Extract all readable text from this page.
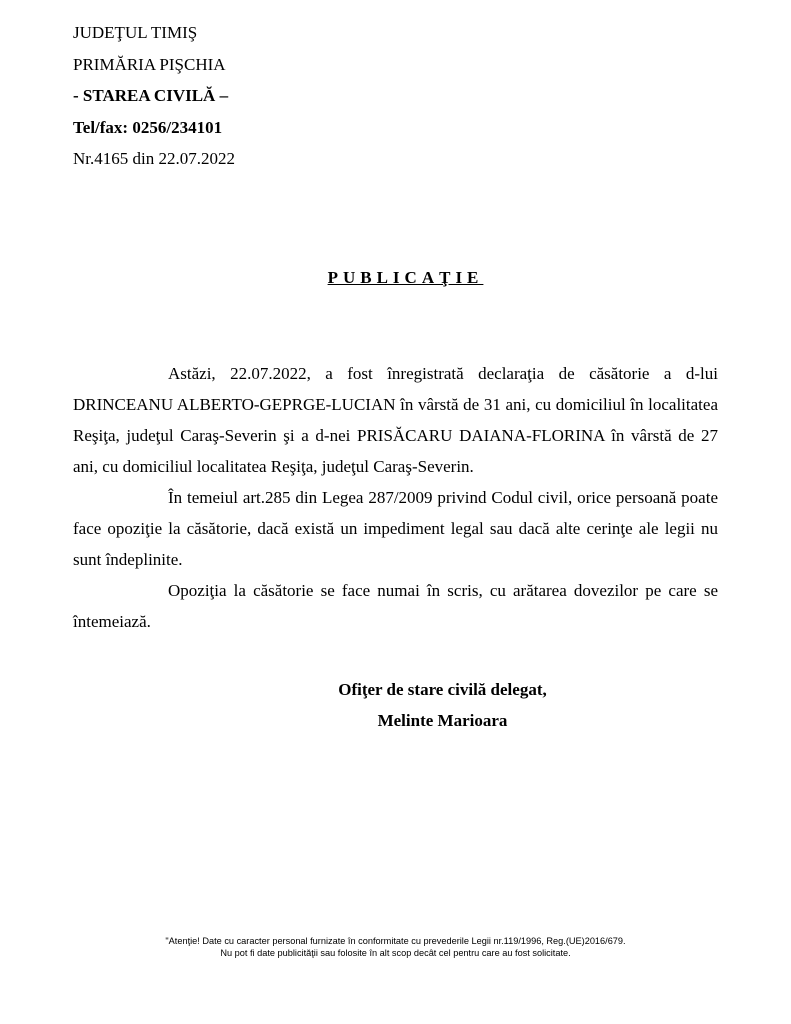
JUDEŢUL TIMIŞ
PRIMĂRIA PIŞCHIA
- STAREA CIVILĂ –
Tel/fax: 0256/234101
Nr.4165 din 22.07.2022
PUBLICAŢIE

Astăzi, 22.07.2022, a fost înregistrată declaraţia de căsătorie a d-lui DRINCEANU ALBERTO-GEPRGE-LUCIAN în vârstă de 31 ani, cu domiciliul în localitatea Reşiţa, judeţul Caraş-Severin şi a d-nei PRISĂCARU DAIANA-FLORINA în vârstă de 27 ani, cu domiciliul localitatea Reşiţa, judeţul Caraş-Severin.

În temeiul art.285 din Legea 287/2009 privind Codul civil, orice persoană poate face opoziţie la căsătorie, dacă există un impediment legal sau dacă alte cerinţe ale legii nu sunt îndeplinite.

Opoziţia la căsătorie se face numai în scris, cu arătarea dovezilor pe care se întemeiază.

Ofiţer de stare civilă delegat,
Melinte Marioara
"Atenţie! Date cu caracter personal furnizate în conformitate cu prevederile Legii nr.119/1996, Reg.(UE)2016/679.
Nu pot fi date publicităţii sau folosite în alt scop decât cel pentru care au fost solicitate.
